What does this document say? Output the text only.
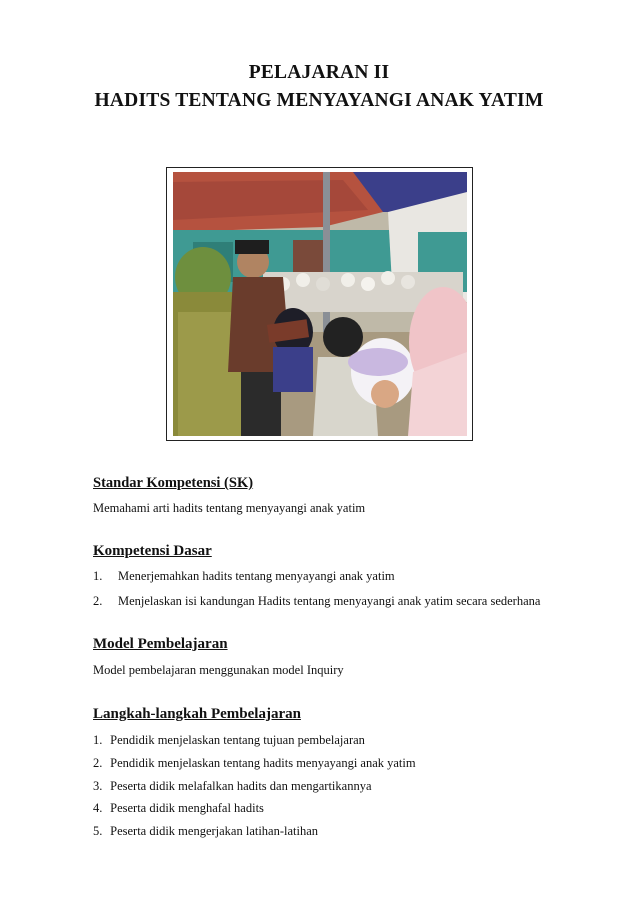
PELAJARAN II
HADITS TENTANG MENYAYANGI ANAK YATIM
Standar Kompetensi (SK)
Memahami arti hadits tentang menyayangi anak yatim
Kompetensi Dasar
1. Menerjemahkan hadits tentang menyayangi anak yatim
2. Menjelaskan isi kandungan Hadits tentang menyayangi anak yatim secara sederhana
Model Pembelajaran
Model pembelajaran menggunakan model Inquiry
Langkah-langkah Pembelajaran
1. Pendidik menjelaskan tentang tujuan pembelajaran
2. Pendidik menjelaskan tentang hadits menyayangi anak yatim
3. Peserta didik melafalkan hadits dan mengartikannya
4. Peserta didik menghafal hadits
5. Peserta didik mengerjakan latihan-latihan
